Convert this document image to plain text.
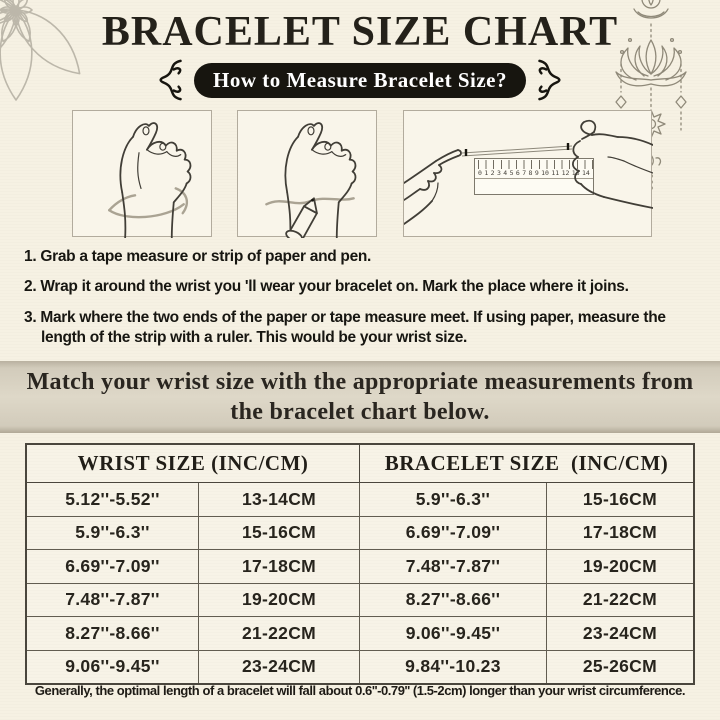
BRACELET SIZE CHART
How to Measure Bracelet Size?
0 1 2 3 4 5 6 7 8 9 10 11 12 13 14
1. Grab a tape measure or strip of paper and pen.
2. Wrap it around the wrist you 'll wear your bracelet on. Mark the place where it joins.
3. Mark where the two ends of the paper or tape measure meet. If using paper, measure the length of the strip with a ruler. This would be your wrist size.
Match your wrist size with the appropriate measurements from the bracelet chart below.
WRIST SIZE (INC/CM)	BRACELET SIZE  (INC/CM)
5.12''-5.52''	13-14CM	5.9''-6.3''	15-16CM
5.9''-6.3''	15-16CM	6.69''-7.09''	17-18CM
6.69''-7.09''	17-18CM	7.48''-7.87''	19-20CM
7.48''-7.87''	19-20CM	8.27''-8.66''	21-22CM
8.27''-8.66''	21-22CM	9.06''-9.45''	23-24CM
9.06''-9.45''	23-24CM	9.84''-10.23	25-26CM
Generally, the optimal length of a bracelet will fall about 0.6''-0.79'' (1.5-2cm) longer than your wrist circumference.
